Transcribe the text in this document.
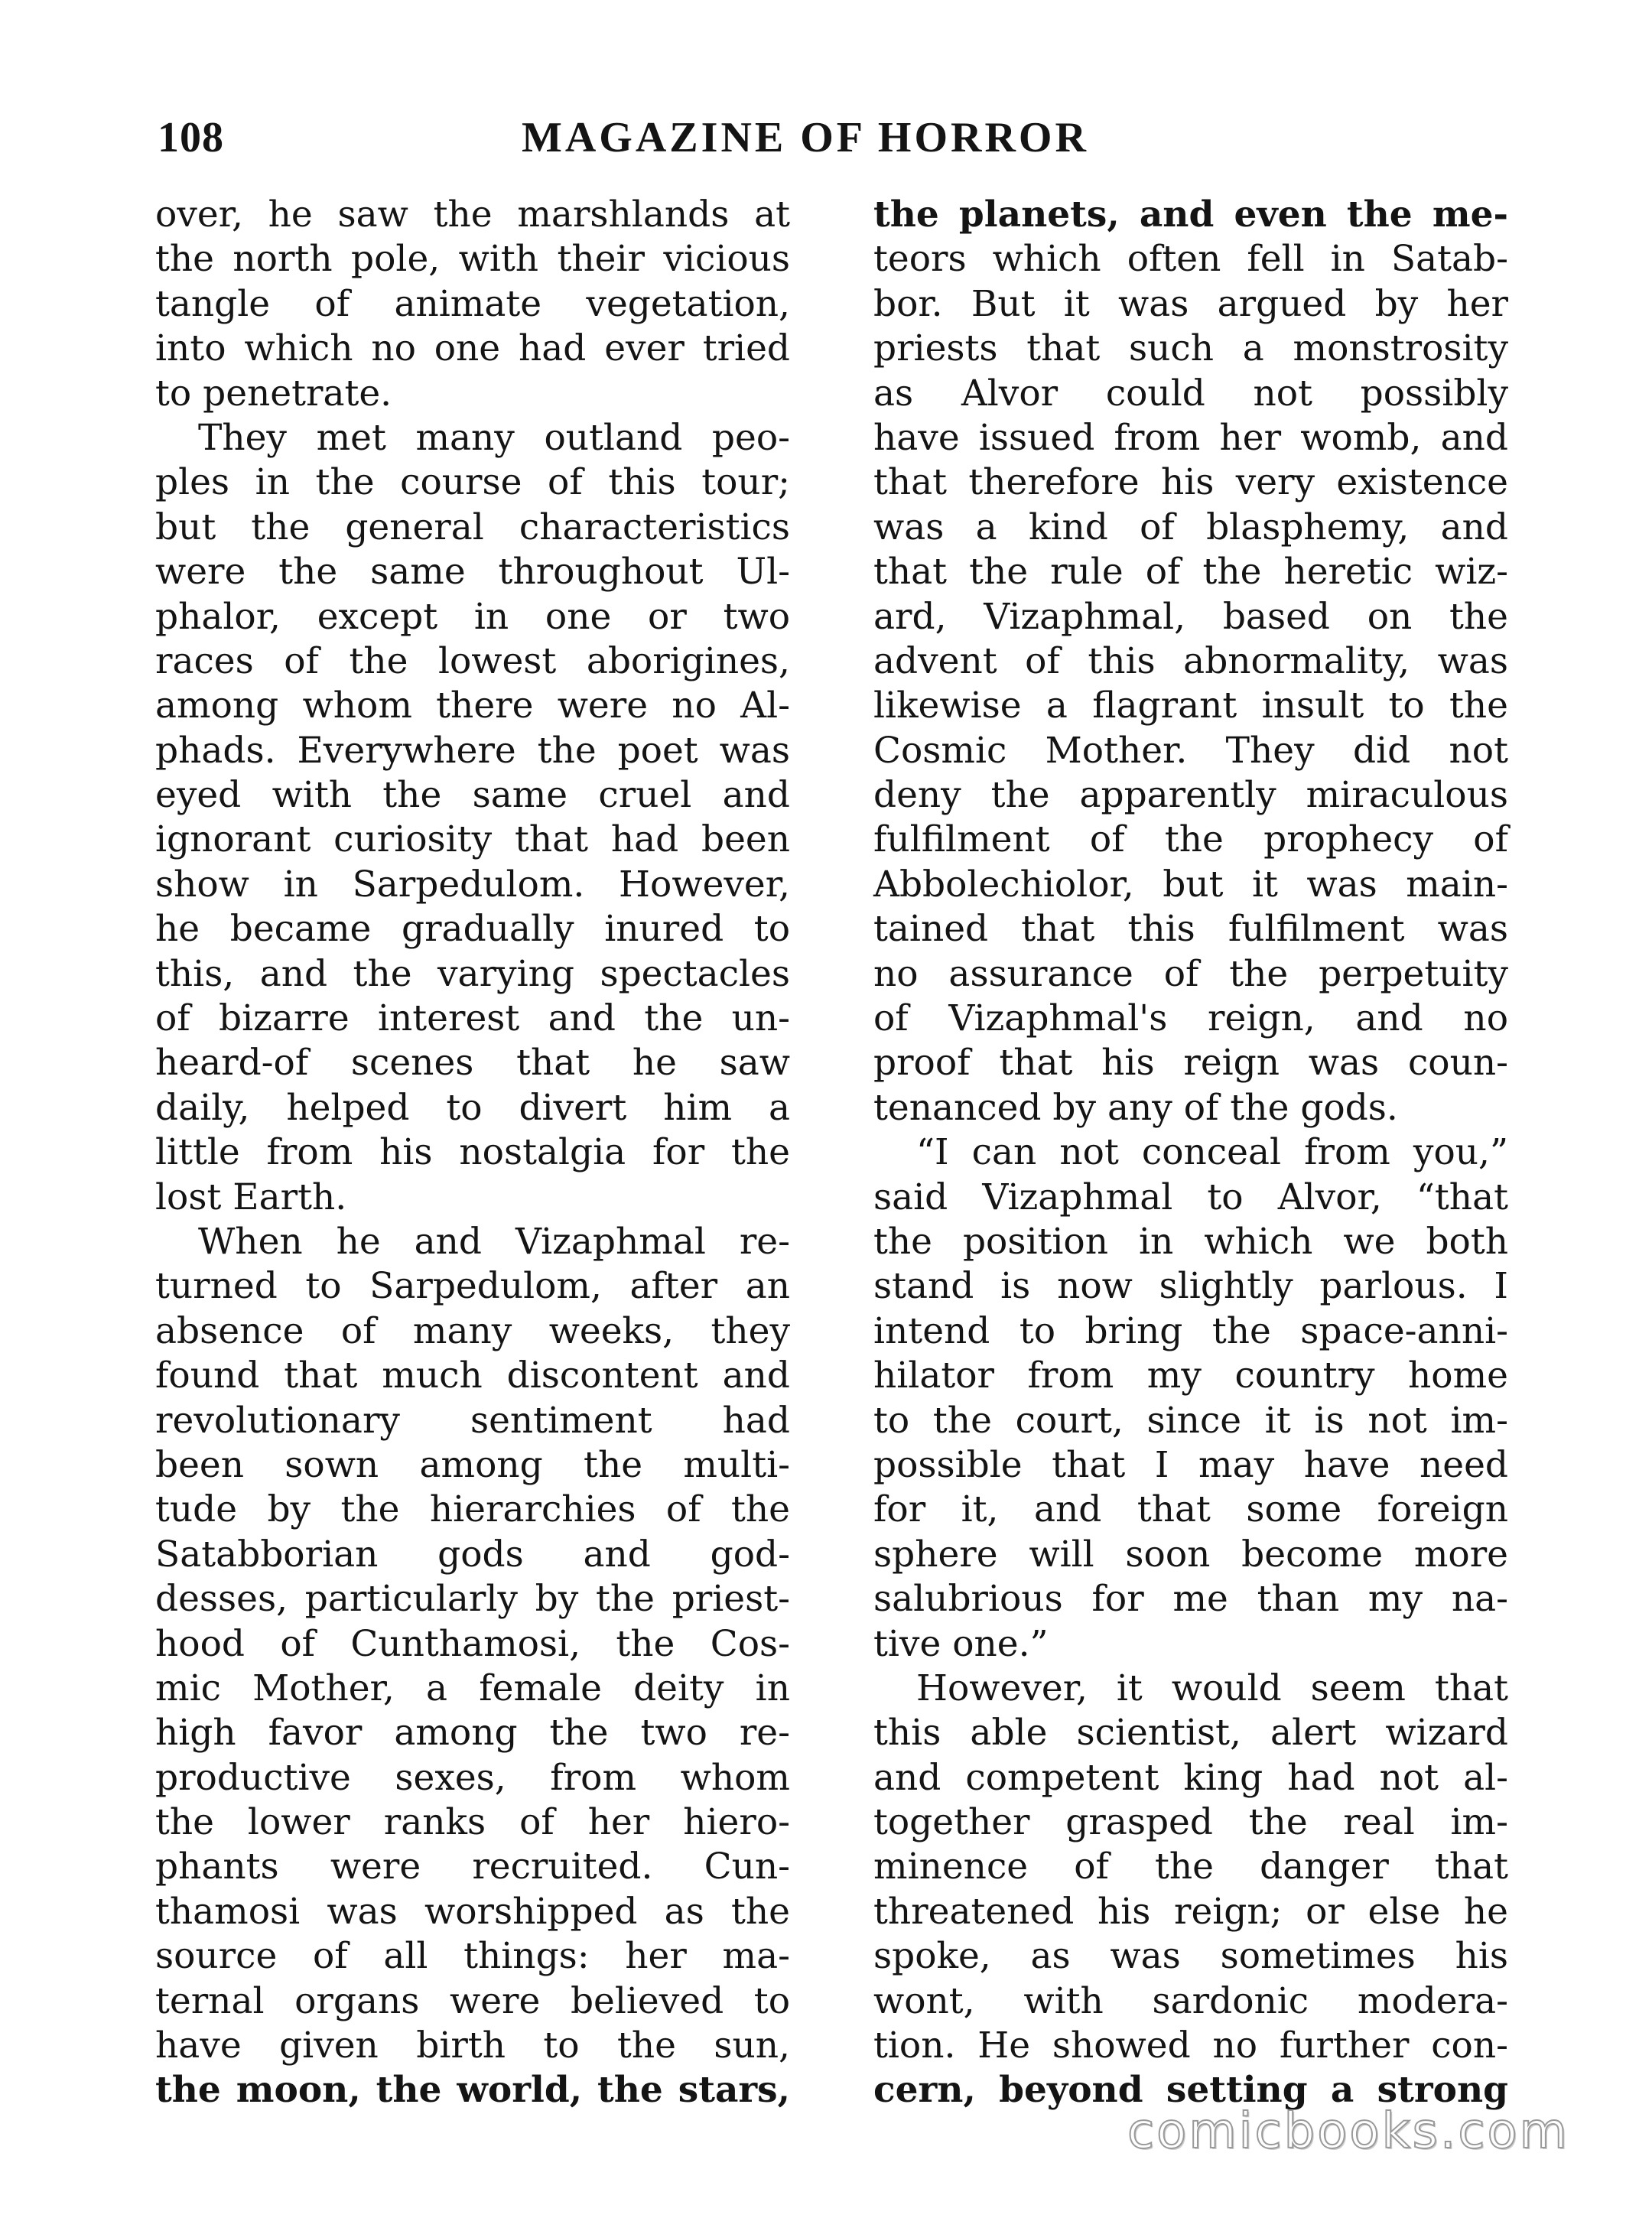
108	MAGAZINE OF HORROR
over, he saw the marshlands at
the north pole, with their vicious
tangle of animate vegetation,
into which no one had ever tried
to penetrate.
They met many outland peo-
ples in the course of this tour;
but the general characteristics
were the same throughout Ul-
phalor, except in one or two
races of the lowest aborigines,
among whom there were no Al-
phads. Everywhere the poet was
eyed with the same cruel and
ignorant curiosity that had been
show in Sarpedulom. However,
he became gradually inured to
this, and the varying spectacles
of bizarre interest and the un-
heard-of scenes that he saw
daily, helped to divert him a
little from his nostalgia for the
lost Earth.
When he and Vizaphmal re-
turned to Sarpedulom, after an
absence of many weeks, they
found that much discontent and
revolutionary sentiment had
been sown among the multi-
tude by the hierarchies of the
Satabborian gods and god-
desses, particularly by the priest-
hood of Cunthamosi, the Cos-
mic Mother, a female deity in
high favor among the two re-
productive sexes, from whom
the lower ranks of her hiero-
phants were recruited. Cun-
thamosi was worshipped as the
source of all things: her ma-
ternal organs were believed to
have given birth to the sun,
the moon, the world, the stars,
the planets, and even the me-
teors which often fell in Satab-
bor. But it was argued by her
priests that such a monstrosity
as Alvor could not possibly
have issued from her womb, and
that therefore his very existence
was a kind of blasphemy, and
that the rule of the heretic wiz-
ard, Vizaphmal, based on the
advent of this abnormality, was
likewise a flagrant insult to the
Cosmic Mother. They did not
deny the apparently miraculous
fulfilment of the prophecy of
Abbolechiolor, but it was main-
tained that this fulfilment was
no assurance of the perpetuity
of Vizaphmal's reign, and no
proof that his reign was coun-
tenanced by any of the gods.
“I can not conceal from you,”
said Vizaphmal to Alvor, “that
the position in which we both
stand is now slightly parlous. I
intend to bring the space-anni-
hilator from my country home
to the court, since it is not im-
possible that I may have need
for it, and that some foreign
sphere will soon become more
salubrious for me than my na-
tive one.”
However, it would seem that
this able scientist, alert wizard
and competent king had not al-
together grasped the real im-
minence of the danger that
threatened his reign; or else he
spoke, as was sometimes his
wont, with sardonic modera-
tion. He showed no further con-
cern, beyond setting a strong
comicbooks.com
